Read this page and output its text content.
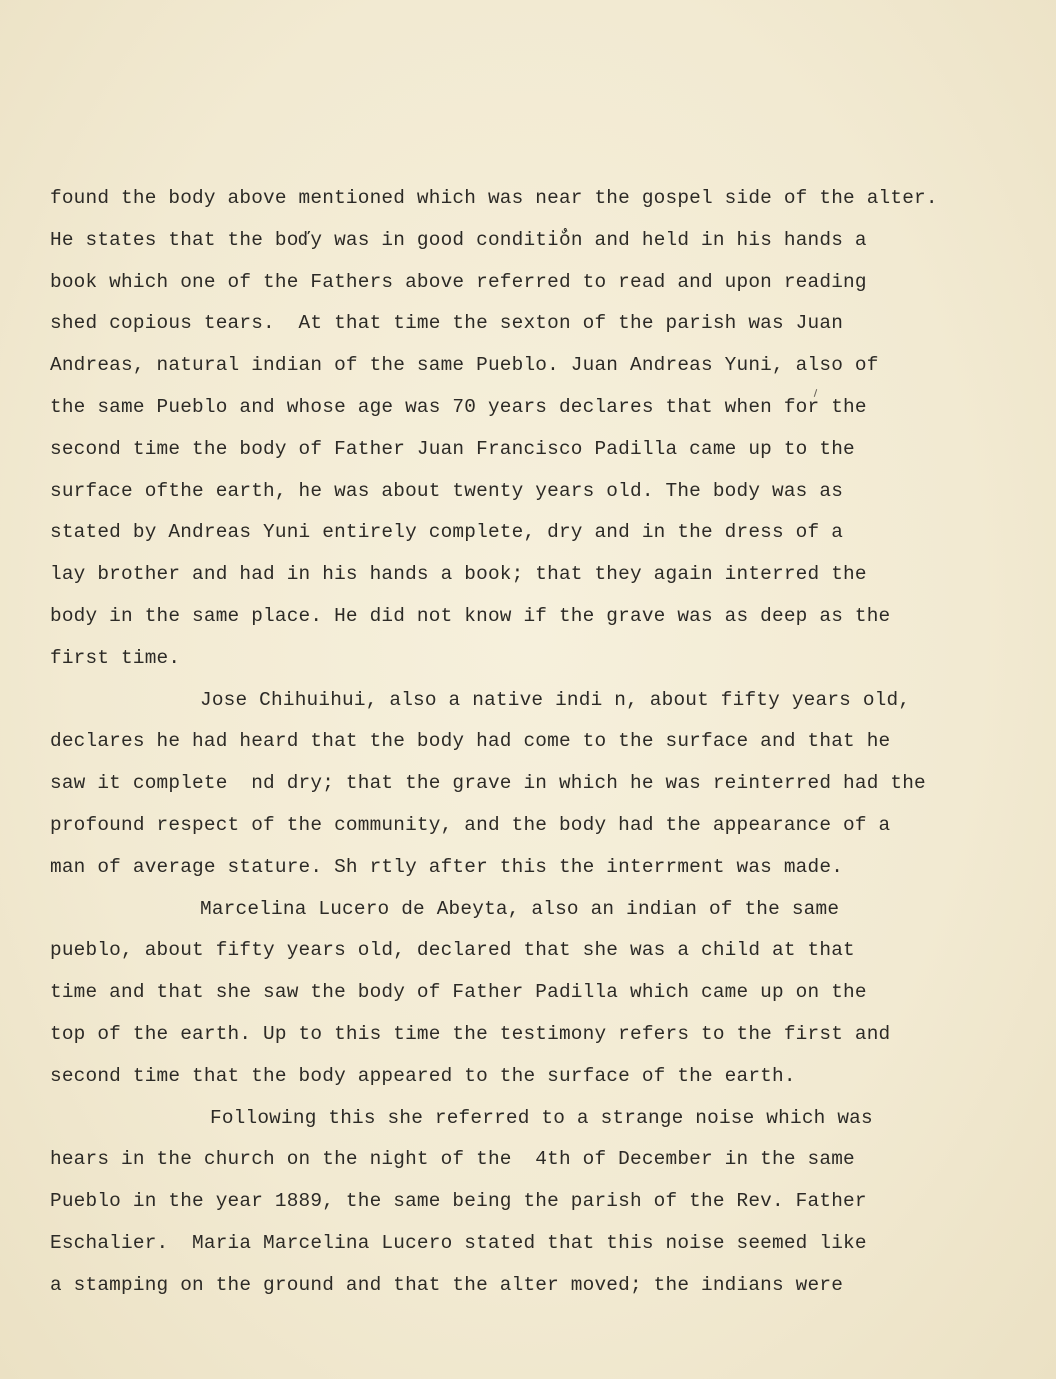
found the body above mentioned which was near the gospel side of the alter.
He states that the boďy was in good conditiٌon and held in his hands a
book which one of the Fathers above referred to read and upon reading
shed copious tears.  At that time the sexton of the parish was Juan
Andreas, natural indian of the same Pueblo. Juan Andreas Yuni, also of
the same Pueblo and whose age was 70 years declares that when for the
second time the body of Father Juan Francisco Padilla came up to the
surface ofthe earth, he was about twenty years old. The body was as
stated by Andreas Yuni entirely complete, dry and in the dress of a
lay brother and had in his hands a book; that they again interred the
body in the same place. He did not know if the grave was as deep as the
first time.
Jose Chihuihui, also a native indi n, about fifty years old,
declares he had heard that the body had come to the surface and that he
saw it complete  nd dry; that the grave in which he was reinterred had the
profound respect of the community, and the body had the appearance of a
man of average stature. Sh rtly after this the interrment was made.
Marcelina Lucero de Abeyta, also an indian of the same
pueblo, about fifty years old, declared that she was a child at that
time and that she saw the body of Father Padilla which came up on the
top of the earth. Up to this time the testimony refers to the first and
second time that the body appeared to the surface of the earth.
Following this she referred to a strange noise which was
hears in the church on the night of the  4th of December in the same
Pueblo in the year 1889, the same being the parish of the Rev. Father
Eschalier.  Maria Marcelina Lucero stated that this noise seemed like
a stamping on the ground and that the alter moved; the indians were
